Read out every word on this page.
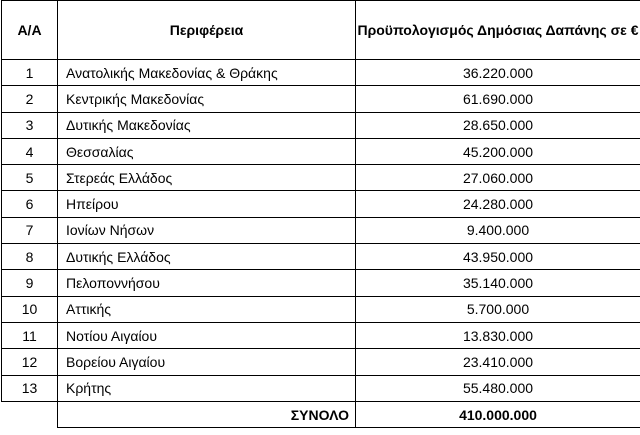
Α/Α	Περιφέρεια	Προϋπολογισμός Δημόσιας Δαπάνης σε €
1	Ανατολικής Μακεδονίας & Θράκης	36.220.000
2	Κεντρικής Μακεδονίας	61.690.000
3	Δυτικής Μακεδονίας	28.650.000
4	Θεσσαλίας	45.200.000
5	Στερεάς Ελλάδος	27.060.000
6	Ηπείρου	24.280.000
7	Ιονίων Νήσων	9.400.000
8	Δυτικής Ελλάδος	43.950.000
9	Πελοποννήσου	35.140.000
10	Αττικής	5.700.000
11	Νοτίου Αιγαίου	13.830.000
12	Βορείου Αιγαίου	23.410.000
13	Κρήτης	55.480.000
	ΣΥΝΟΛΟ	410.000.000
